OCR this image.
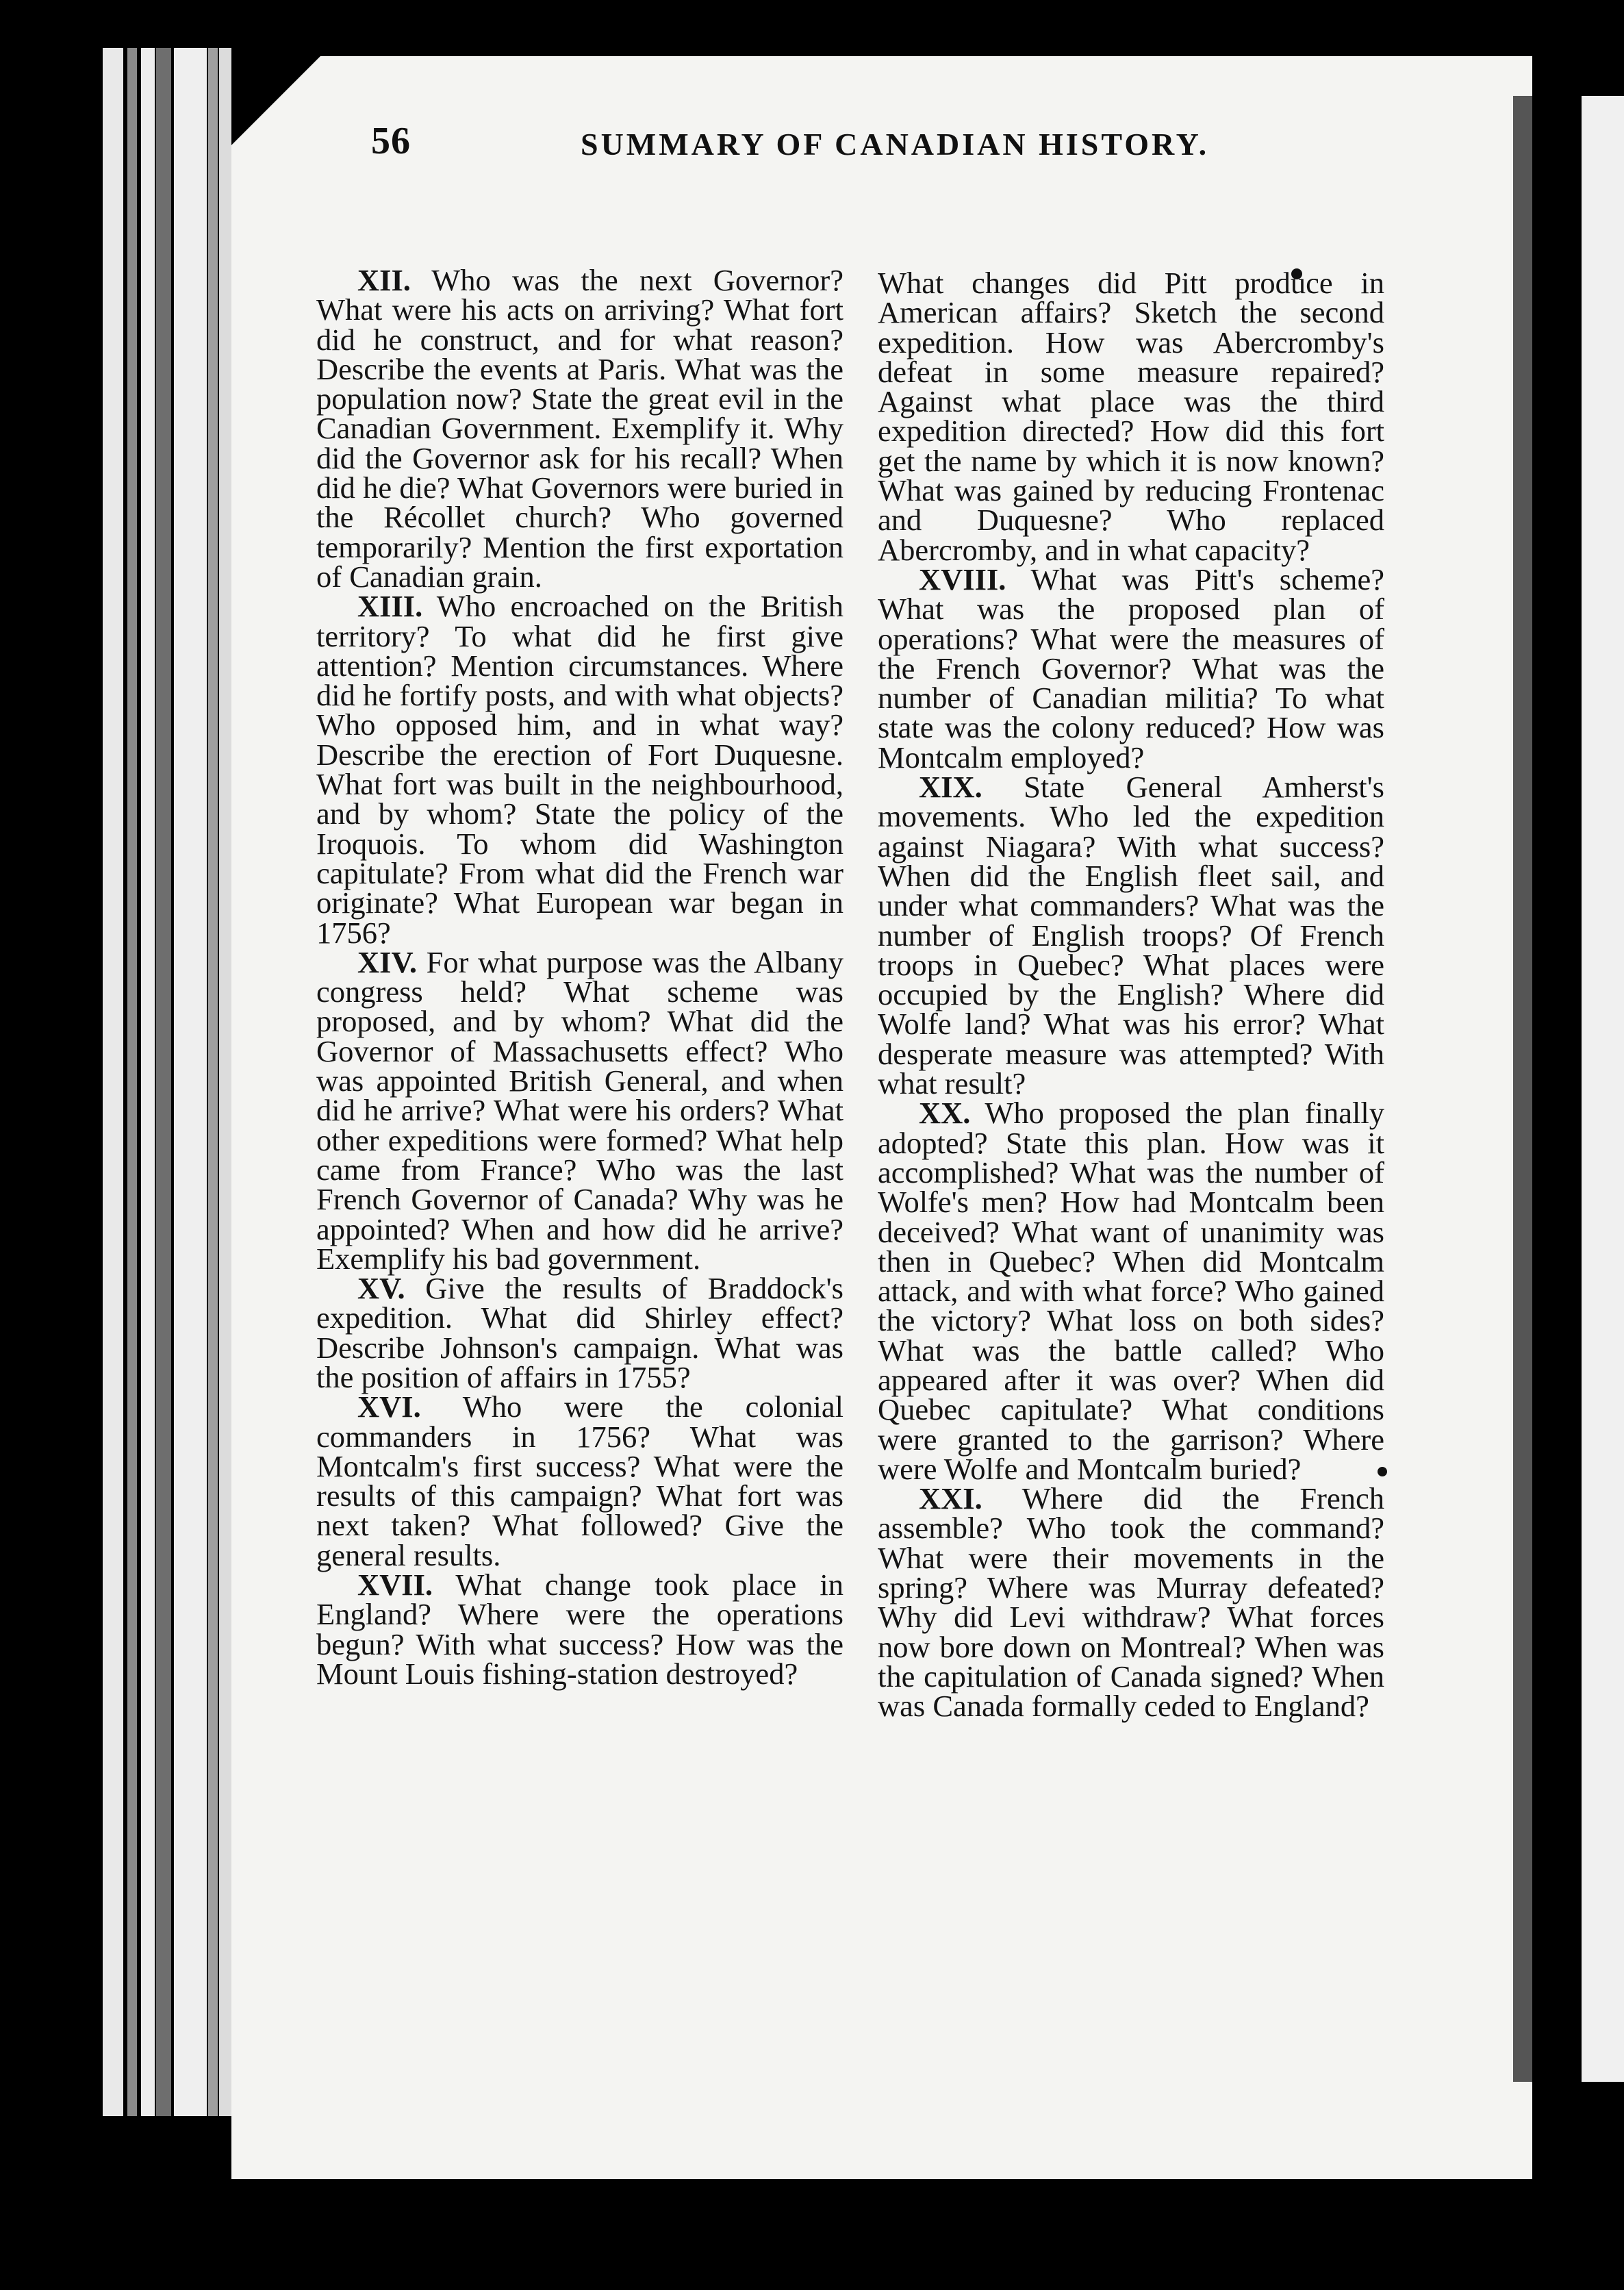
56	SUMMARY OF CANADIAN HISTORY.

XII. Who was the next Governor? What were his acts on arriving? What fort did he construct, and for what reason? Describe the events at Paris. What was the population now? State the great evil in the Canadian Government. Exemplify it. Why did the Governor ask for his recall? When did he die? What Governors were buried in the Récollet church? Who governed temporarily? Mention the first exportation of Canadian grain.

XIII. Who encroached on the British territory? To what did he first give attention? Mention circumstances. Where did he fortify posts, and with what objects? Who opposed him, and in what way? Describe the erection of Fort Duquesne. What fort was built in the neighbourhood, and by whom? State the policy of the Iroquois. To whom did Washington capitulate? From what did the French war originate? What European war began in 1756?

XIV. For what purpose was the Albany congress held? What scheme was proposed, and by whom? What did the Governor of Massachusetts effect? Who was appointed British General, and when did he arrive? What were his orders? What other expeditions were formed? What help came from France? Who was the last French Governor of Canada? Why was he appointed? When and how did he arrive? Exemplify his bad government.

XV. Give the results of Braddock's expedition. What did Shirley effect? Describe Johnson's campaign. What was the position of affairs in 1755?

XVI. Who were the colonial commanders in 1756? What was Montcalm's first success? What were the results of this campaign? What fort was next taken? What followed? Give the general results.

XVII. What change took place in England? Where were the operations begun? With what success? How was the Mount Louis fishing-station destroyed?

What changes did Pitt produce in American affairs? Sketch the second expedition. How was Abercromby's defeat in some measure repaired? Against what place was the third expedition directed? How did this fort get the name by which it is now known? What was gained by reducing Frontenac and Duquesne? Who replaced Abercromby, and in what capacity?

XVIII. What was Pitt's scheme? What was the proposed plan of operations? What were the measures of the French Governor? What was the number of Canadian militia? To what state was the colony reduced? How was Montcalm employed?

XIX. State General Amherst's movements. Who led the expedition against Niagara? With what success? When did the English fleet sail, and under what commanders? What was the number of English troops? Of French troops in Quebec? What places were occupied by the English? Where did Wolfe land? What was his error? What desperate measure was attempted? With what result?

XX. Who proposed the plan finally adopted? State this plan. How was it accomplished? What was the number of Wolfe's men? How had Montcalm been deceived? What want of unanimity was then in Quebec? When did Montcalm attack, and with what force? Who gained the victory? What loss on both sides? What was the battle called? Who appeared after it was over? When did Quebec capitulate? What conditions were granted to the garrison? Where were Wolfe and Montcalm buried?

XXI. Where did the French assemble? Who took the command? What were their movements in the spring? Where was Murray defeated? Why did Levi withdraw? What forces now bore down on Montreal? When was the capitulation of Canada signed? When was Canada formally ceded to England?
